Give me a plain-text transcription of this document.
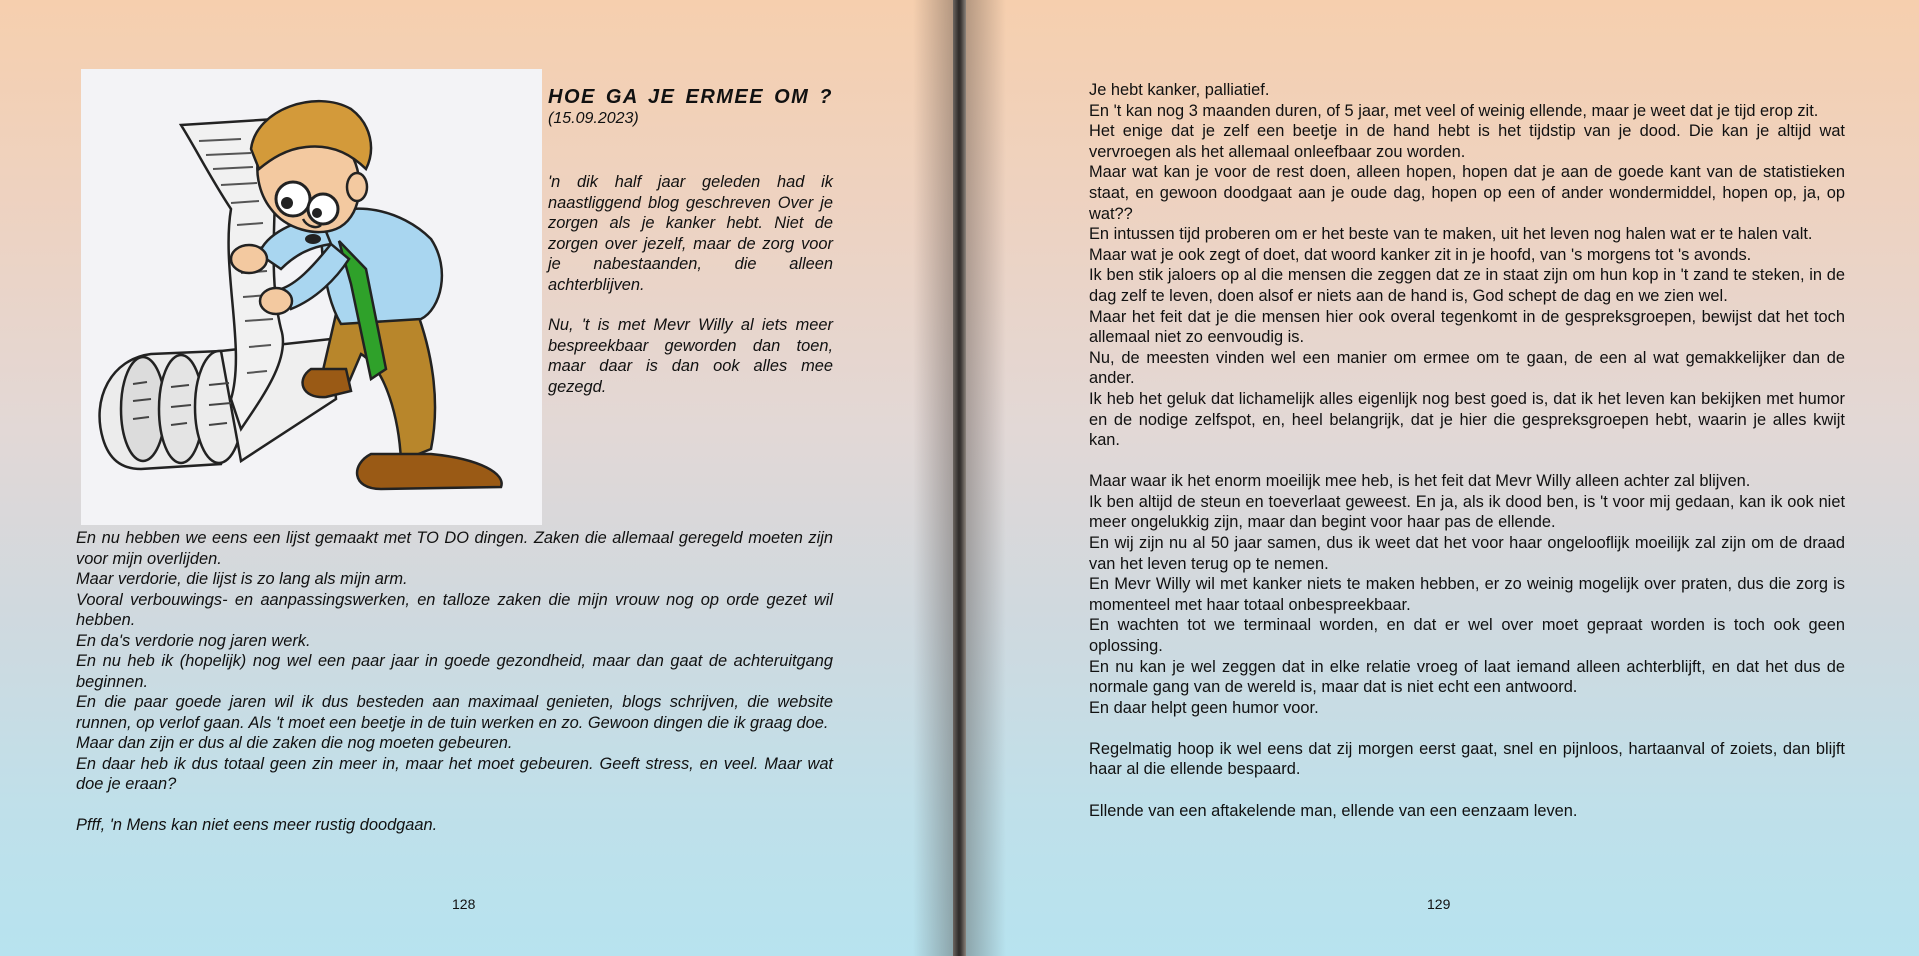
HOE GA JE ERMEE OM ?
(15.09.2023)

'n dik half jaar geleden had ik naastliggend blog geschreven Over je zorgen als je kanker hebt. Niet de zorgen over jezelf, maar de zorg voor je nabestaanden, die alleen achterblijven.

Nu, 't is met Mevr Willy al iets meer bespreekbaar geworden dan toen, maar daar is dan ook alles mee gezegd.

En nu hebben we eens een lijst gemaakt met TO DO dingen. Zaken die allemaal geregeld moeten zijn voor mijn overlijden.

Maar verdorie, die lijst is zo lang als mijn arm.

Vooral verbouwings- en aanpassingswerken, en talloze zaken die mijn vrouw nog op orde gezet wil hebben.

En da's verdorie nog jaren werk.

En nu heb ik (hopelijk) nog wel een paar jaar in goede gezondheid, maar dan gaat de achteruitgang beginnen.

En die paar goede jaren wil ik dus besteden aan maximaal genieten, blogs schrijven, die website runnen, op verlof gaan. Als 't moet een beetje in de tuin werken en zo. Gewoon dingen die ik graag doe.

Maar dan zijn er dus al die zaken die nog moeten gebeuren.

En daar heb ik dus totaal geen zin meer in, maar het moet gebeuren. Geeft stress, en veel. Maar wat doe je eraan?

Pfff, 'n Mens kan niet eens meer rustig doodgaan.

128

Je hebt kanker, palliatief.

En 't kan nog 3 maanden duren, of 5 jaar, met veel of weinig ellende, maar je weet dat je tijd erop zit.

Het enige dat je zelf een beetje in de hand hebt is het tijdstip van je dood. Die kan je altijd wat vervroegen als het allemaal onleefbaar zou worden.

Maar wat kan je voor de rest doen, alleen hopen, hopen dat je aan de goede kant van de statistieken staat, en gewoon doodgaat aan je oude dag, hopen op een of ander wondermiddel, hopen op, ja, op wat??

En intussen tijd proberen om er het beste van te maken, uit het leven nog halen wat er te halen valt.

Maar wat je ook zegt of doet, dat woord kanker zit in je hoofd, van 's morgens tot 's avonds.

Ik ben stik jaloers op al die mensen die zeggen dat ze in staat zijn om hun kop in 't zand te steken, in de dag zelf te leven, doen alsof er niets aan de hand is, God schept de dag en we zien wel.

Maar het feit dat je die mensen hier ook overal tegenkomt in de gespreksgroepen, bewijst dat het toch allemaal niet zo eenvoudig is.

Nu, de meesten vinden wel een manier om ermee om te gaan, de een al wat gemakkelijker dan de ander.

Ik heb het geluk dat lichamelijk alles eigenlijk nog best goed is, dat ik het leven kan bekijken met humor en de nodige zelfspot, en, heel belangrijk, dat je hier die gespreksgroepen hebt, waarin je alles kwijt kan.

Maar waar ik het enorm moeilijk mee heb, is het feit dat Mevr Willy alleen achter zal blijven.

Ik ben altijd de steun en toeverlaat geweest. En ja, als ik dood ben, is 't voor mij gedaan, kan ik ook niet meer ongelukkig zijn, maar dan begint voor haar pas de ellende.

En wij zijn nu al 50 jaar samen, dus ik weet dat het voor haar ongelooflijk moeilijk zal zijn om de draad van het leven terug op te nemen.

En Mevr Willy wil met kanker niets te maken hebben, er zo weinig mogelijk over praten, dus die zorg is momenteel met haar totaal onbespreekbaar.

En wachten tot we terminaal worden, en dat er wel over moet gepraat worden is toch ook geen oplossing.

En nu kan je wel zeggen dat in elke relatie vroeg of laat iemand alleen achterblijft, en dat het dus de normale gang van de wereld is, maar dat is niet echt een antwoord.

En daar helpt geen humor voor.

Regelmatig hoop ik wel eens dat zij morgen eerst gaat, snel en pijnloos, hartaanval of zoiets, dan blijft haar al die ellende bespaard.

Ellende van een aftakelende man, ellende van een eenzaam leven.

129
